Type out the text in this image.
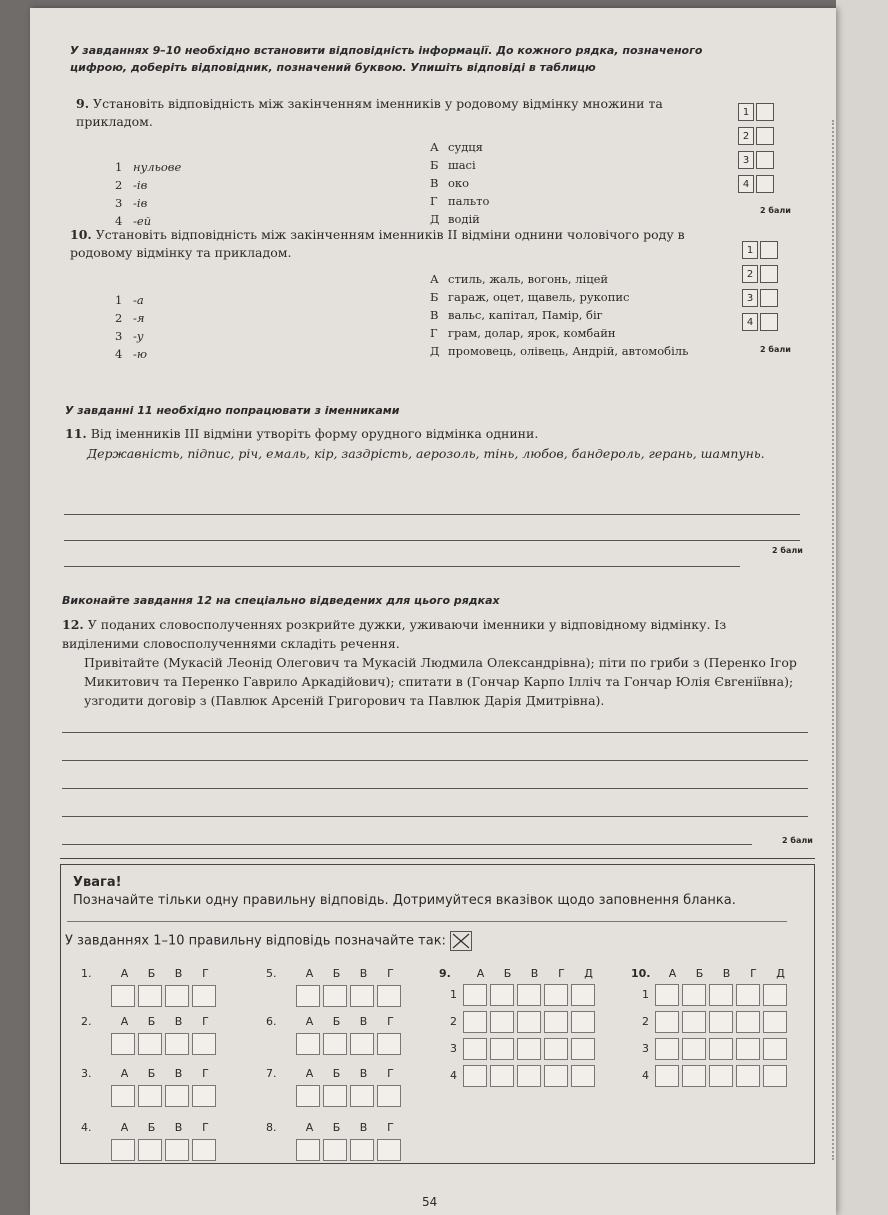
У завданнях 9–10 необхідно встановити відповідність інформації. До кожного рядка, позначеного цифрою, доберіть відповідник, позначений буквою. Упишіть відповіді в таблицю
9. Установіть відповідність між закінченням іменників у родовому відмінку множини та прикладом.
1 нульове
2 -ів
3 -ів
4 -ей
А судця
Б шасі
В око
Г пальто
Д водій
1
2
3
4
2 бали
10. Установіть відповідність між закінченням іменників ІІ відміни однини чоловічого роду в родовому відмінку та прикладом.
1 -а
2 -я
3 -у
4 -ю
А стиль, жаль, вогонь, ліцей
Б гараж, оцет, щавель, рукопис
В вальс, капітал, Памір, біг
Г грам, долар, ярок, комбайн
Д промовець, олівець, Андрій, автомобіль
1
2
3
4
2 бали
У завданні 11 необхідно попрацювати з іменниками
11. Від іменників ІІІ відміни утворіть форму орудного відмінка однини.
Державність, підпис, річ, емаль, кір, заздрість, аерозоль, тінь, любов, бандероль, герань, шампунь.
2 бали
Виконайте завдання 12 на спеціально відведених для цього рядках
12. У поданих словосполученнях розкрийте дужки, уживаючи іменники у відповідному відмінку. Із виділеними словосполученнями складіть речення.
Привітайте (Мукасій Леонід Олегович та Мукасій Людмила Олександрівна); піти по гриби з (Перенко Ігор Микитович та Перенко Гаврило Аркадійович); спитати в (Гончар Карпо Ілліч та Гончар Юлія Євгеніївна); узгодити договір з (Павлюк Арсеній Григорович та Павлюк Дарія Дмитрівна).
2 бали
Увага!
Позначайте тільки одну правильну відповідь. Дотримуйтеся вказівок щодо заповнення бланка.
У завданнях 1–10 правильну відповідь позначайте так:
1.	А	Б	В	Г
2.	А	Б	В	Г
3.	А	Б	В	Г
4.	А	Б	В	Г
5.	А	Б	В	Г
6.	А	Б	В	Г
7.	А	Б	В	Г
8.	А	Б	В	Г
9.	А	Б	В	Г	Д
1
2
3
4
10.	А	Б	В	Г	Д
1
2
3
4
54
